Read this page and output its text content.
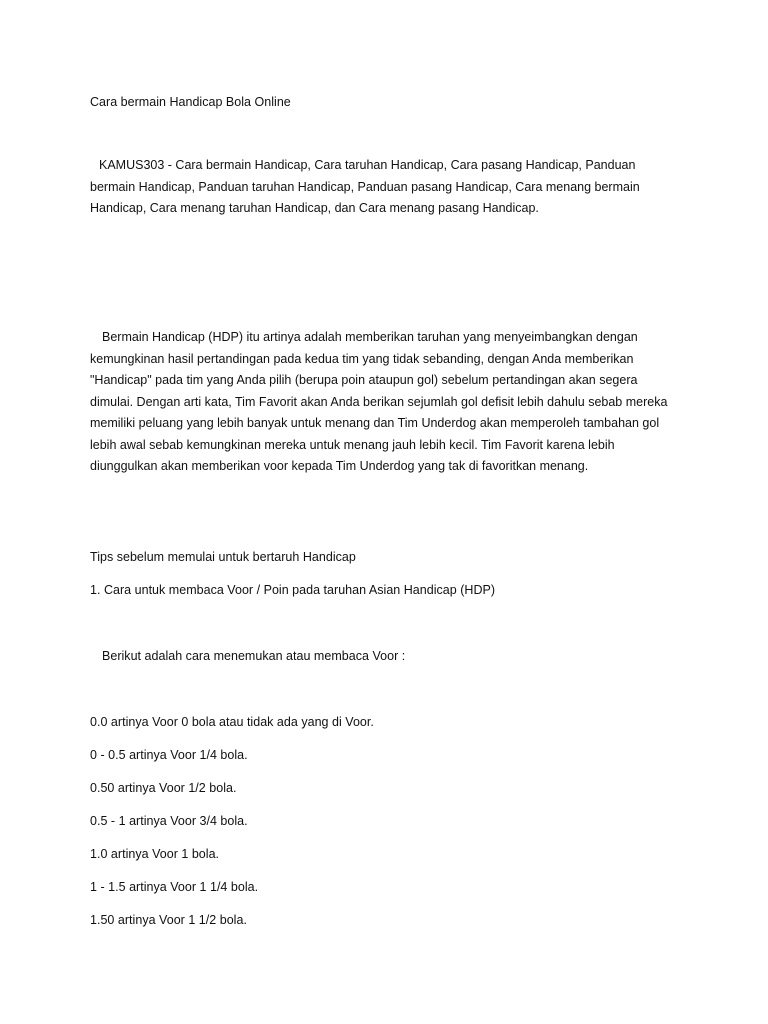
Cara bermain Handicap Bola Online
KAMUS303 - Cara bermain Handicap, Cara taruhan Handicap, Cara pasang Handicap, Panduan bermain Handicap, Panduan taruhan Handicap, Panduan pasang Handicap, Cara menang bermain Handicap, Cara menang taruhan Handicap, dan Cara menang pasang Handicap.
Bermain Handicap (HDP) itu artinya adalah memberikan taruhan yang menyeimbangkan dengan kemungkinan hasil pertandingan pada kedua tim yang tidak sebanding, dengan Anda memberikan "Handicap" pada tim yang Anda pilih (berupa poin ataupun gol) sebelum pertandingan akan segera dimulai. Dengan arti kata, Tim Favorit akan Anda berikan sejumlah gol defisit lebih dahulu sebab mereka memiliki peluang yang lebih banyak untuk menang dan Tim Underdog akan memperoleh tambahan gol lebih awal sebab kemungkinan mereka untuk menang jauh lebih kecil. Tim Favorit karena lebih diunggulkan akan memberikan voor kepada Tim Underdog yang tak di favoritkan menang.
Tips sebelum memulai untuk bertaruh Handicap
1. Cara untuk membaca Voor / Poin pada taruhan Asian Handicap (HDP)
Berikut adalah cara menemukan atau membaca Voor :
0.0 artinya Voor 0 bola atau tidak ada yang di Voor.
0 - 0.5 artinya Voor 1/4 bola.
0.50 artinya Voor 1/2 bola.
0.5 - 1 artinya Voor 3/4 bola.
1.0 artinya Voor 1 bola.
1 - 1.5 artinya Voor 1 1/4 bola.
1.50 artinya Voor 1 1/2 bola.
